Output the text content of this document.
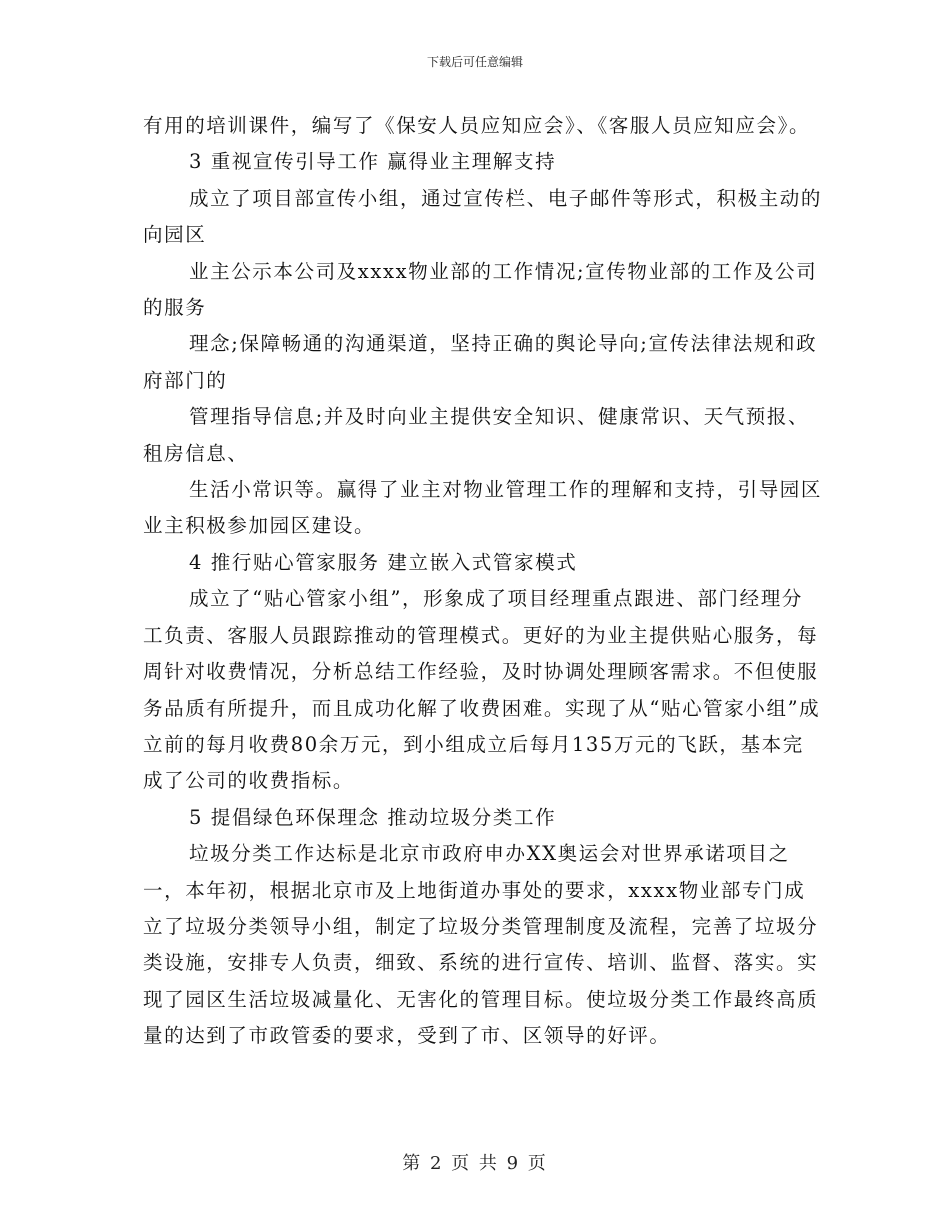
下载后可任意编辑

有用的培训课件，编写了《保安人员应知应会》、《客服人员应知应会》。

3 重视宣传引导工作 赢得业主理解支持

成立了项目部宣传小组，通过宣传栏、电子邮件等形式，积极主动的向园区

业主公示本公司及xxxx物业部的工作情况;宣传物业部的工作及公司的服务

理念;保障畅通的沟通渠道，坚持正确的舆论导向;宣传法律法规和政府部门的

管理指导信息;并及时向业主提供安全知识、健康常识、天气预报、租房信息、

生活小常识等。赢得了业主对物业管理工作的理解和支持，引导园区业主积极参加园区建设。

4 推行贴心管家服务 建立嵌入式管家模式

成立了“贴心管家小组”，形象成了项目经理重点跟进、部门经理分工负责、客服人员跟踪推动的管理模式。更好的为业主提供贴心服务，每周针对收费情况，分析总结工作经验，及时协调处理顾客需求。不但使服务品质有所提升，而且成功化解了收费困难。实现了从“贴心管家小组”成立前的每月收费80余万元，到小组成立后每月135万元的飞跃，基本完成了公司的收费指标。

5 提倡绿色环保理念 推动垃圾分类工作

垃圾分类工作达标是北京市政府申办XX奥运会对世界承诺项目之一，本年初，根据北京市及上地街道办事处的要求，xxxx物业部专门成立了垃圾分类领导小组，制定了垃圾分类管理制度及流程，完善了垃圾分类设施，安排专人负责，细致、系统的进行宣传、培训、监督、落实。实现了园区生活垃圾减量化、无害化的管理目标。使垃圾分类工作最终高质量的达到了市政管委的要求，受到了市、区领导的好评。

第 2 页 共 9 页
